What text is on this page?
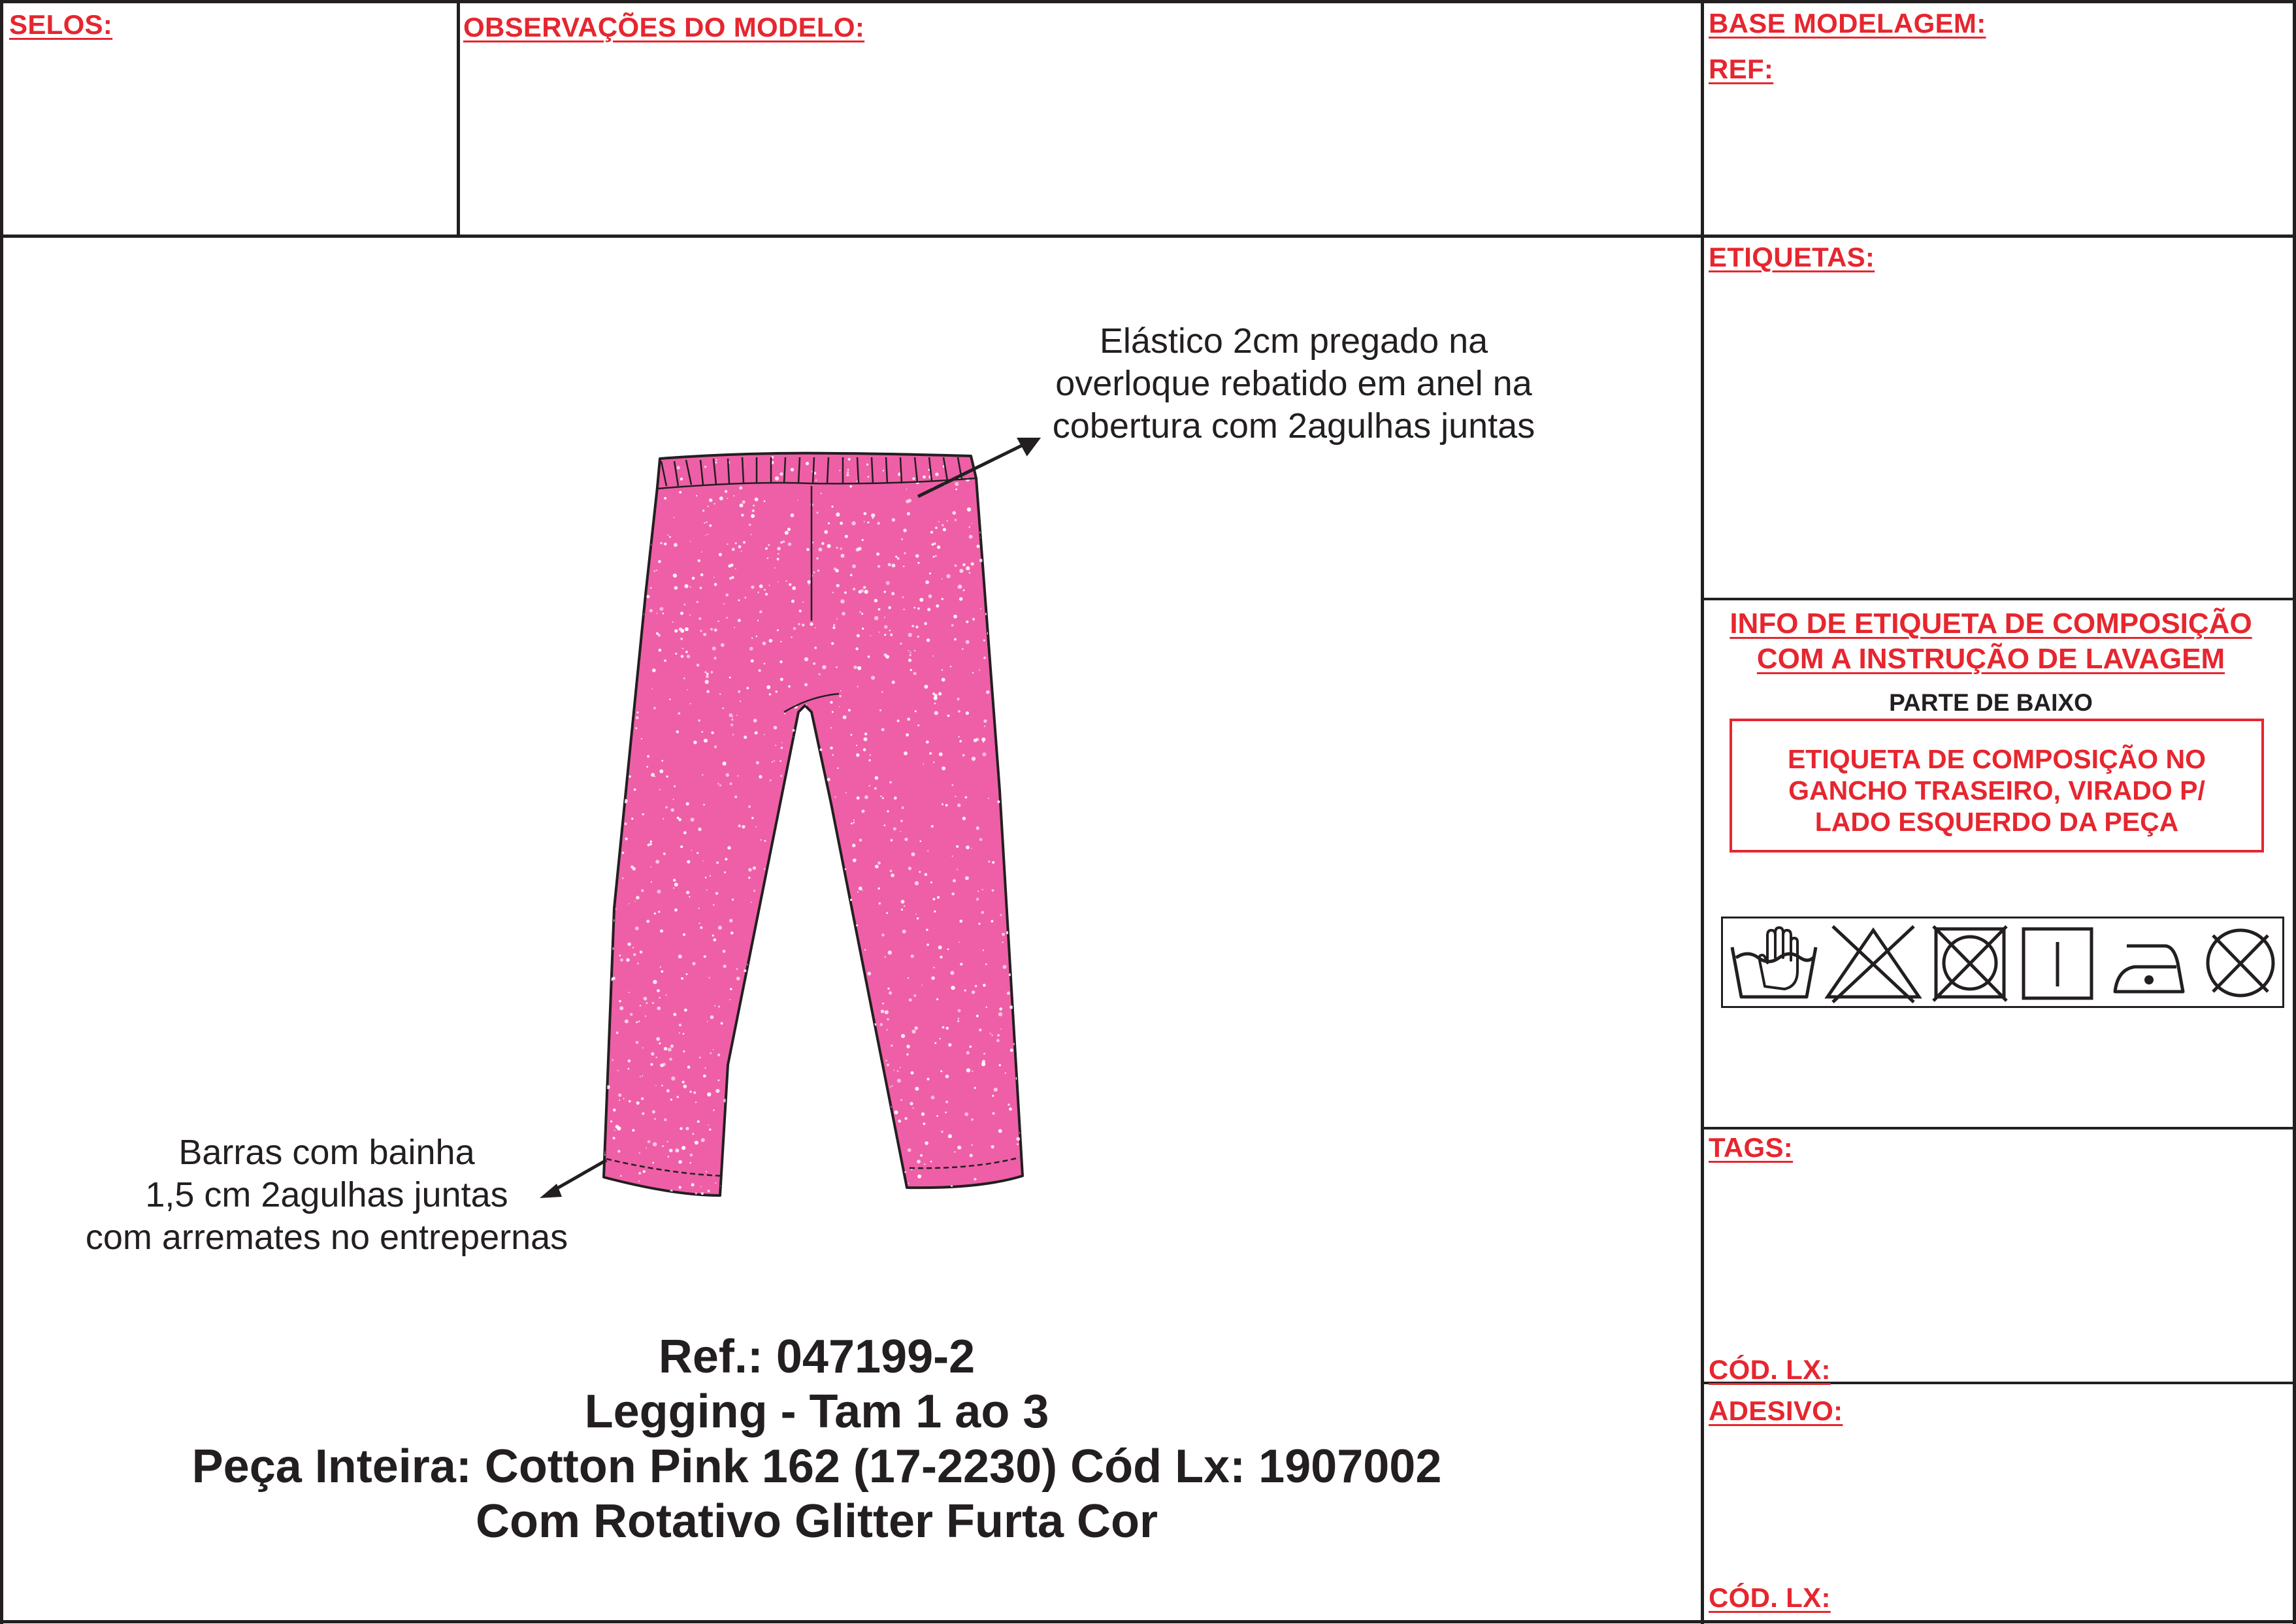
SELOS:	OBSERVAÇÕES DO MODELO:	BASE MODELAGEM:
REF:
ETIQUETAS:
INFO DE ETIQUETA DE COMPOSIÇÃO
COM A INSTRUÇÃO DE LAVAGEM
PARTE DE BAIXO
ETIQUETA DE COMPOSIÇÃO NO
GANCHO TRASEIRO, VIRADO P/
LADO ESQUERDO DA PEÇA
TAGS:
CÓD. LX:
ADESIVO:
CÓD. LX:
Elástico 2cm pregado na
overloque rebatido em anel na
cobertura com 2agulhas juntas
Barras com bainha
1,5 cm 2agulhas juntas
com arremates no entrepernas
Ref.: 047199-2
Legging - Tam 1 ao 3
Peça Inteira: Cotton Pink 162 (17-2230) Cód Lx: 1907002
Com Rotativo Glitter Furta Cor
